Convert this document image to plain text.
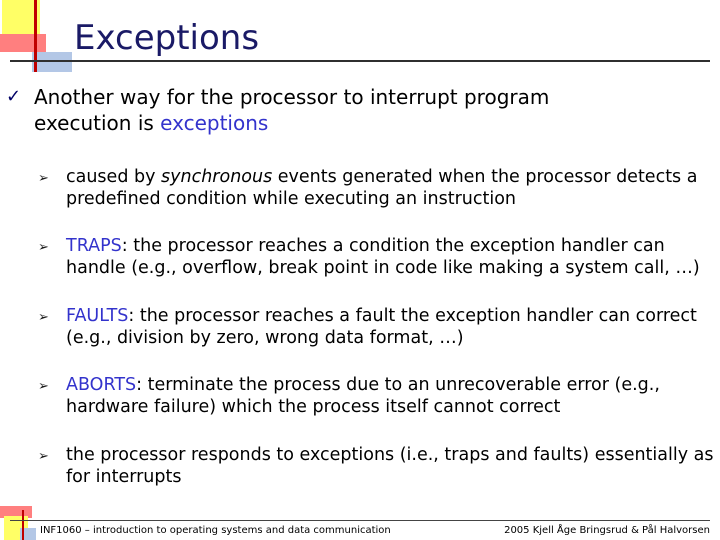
Exceptions
✓ Another way for the processor to interrupt program execution is exceptions
➢ caused by synchronous events generated when the processor detects a predefined condition while executing an instruction
➢ TRAPS: the processor reaches a condition the exception handler can handle (e.g., overflow, break point in code like making a system call, …)
➢ FAULTS: the processor reaches a fault the exception handler can correct (e.g., division by zero, wrong data format, …)
➢ ABORTS: terminate the process due to an unrecoverable error (e.g., hardware failure) which the process itself cannot correct
➢ the processor responds to exceptions (i.e., traps and faults) essentially as for interrupts
INF1060 – introduction to operating systems and data communication	2005 Kjell Åge Bringsrud & Pål Halvorsen
